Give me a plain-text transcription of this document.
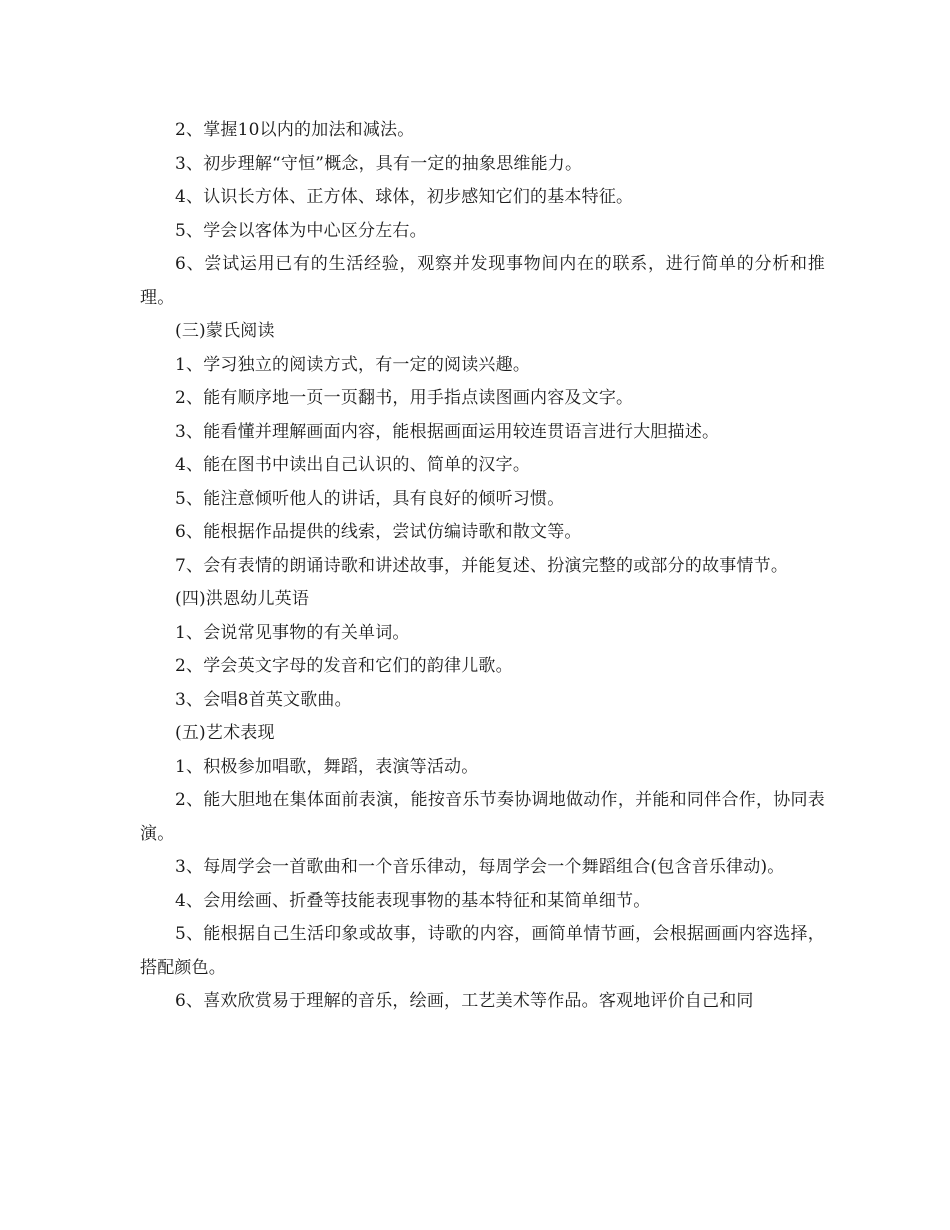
2、掌握10以内的加法和减法。

3、初步理解“守恒”概念，具有一定的抽象思维能力。

4、认识长方体、正方体、球体，初步感知它们的基本特征。

5、学会以客体为中心区分左右。

6、尝试运用已有的生活经验，观察并发现事物间内在的联系，进行简单的分析和推理。

(三)蒙氏阅读

1、学习独立的阅读方式，有一定的阅读兴趣。

2、能有顺序地一页一页翻书，用手指点读图画内容及文字。

3、能看懂并理解画面内容，能根据画面运用较连贯语言进行大胆描述。

4、能在图书中读出自己认识的、简单的汉字。

5、能注意倾听他人的讲话，具有良好的倾听习惯。

6、能根据作品提供的线索，尝试仿编诗歌和散文等。

7、会有表情的朗诵诗歌和讲述故事，并能复述、扮演完整的或部分的故事情节。

(四)洪恩幼儿英语

1、会说常见事物的有关单词。

2、学会英文字母的发音和它们的韵律儿歌。

3、会唱8首英文歌曲。

(五)艺术表现

1、积极参加唱歌，舞蹈，表演等活动。

2、能大胆地在集体面前表演，能按音乐节奏协调地做动作，并能和同伴合作，协同表演。

3、每周学会一首歌曲和一个音乐律动，每周学会一个舞蹈组合(包含音乐律动)。

4、会用绘画、折叠等技能表现事物的基本特征和某简单细节。

5、能根据自己生活印象或故事，诗歌的内容，画简单情节画，会根据画画内容选择，搭配颜色。

6、喜欢欣赏易于理解的音乐，绘画，工艺美术等作品。客观地评价自己和同
